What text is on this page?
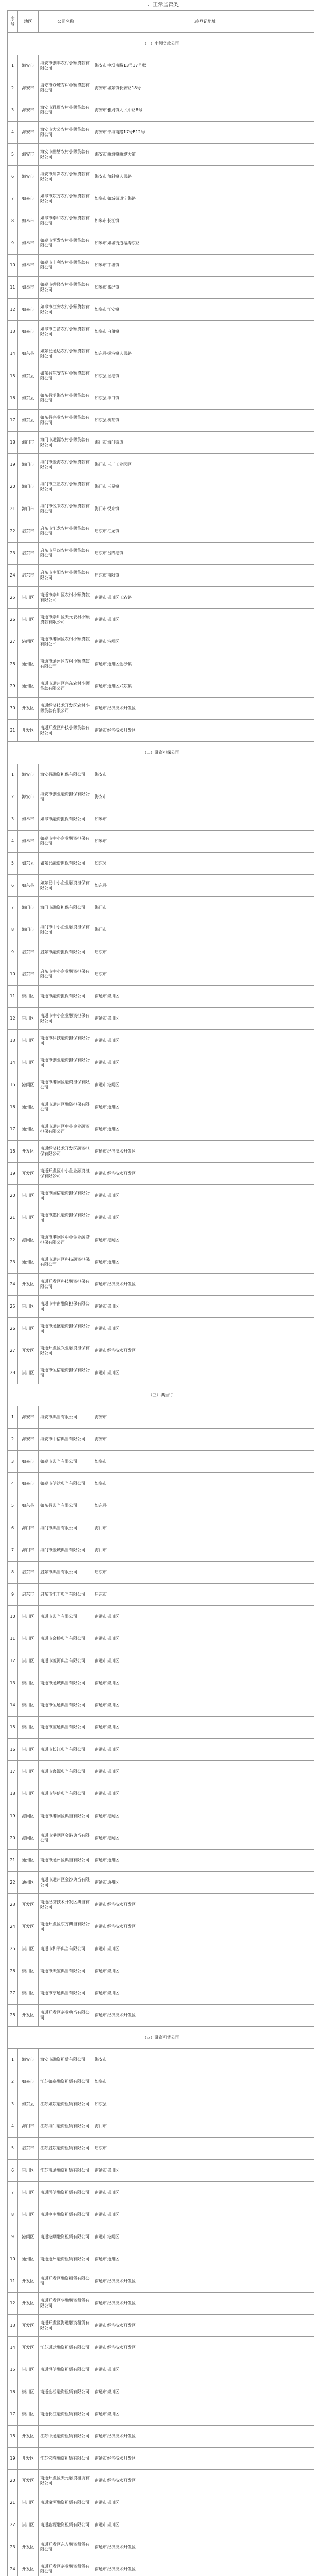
一、正常监管类
序号	地区	公司名称	工商登记地址
（一）小额贷款公司			
1	海安市	海安市创丰农村小额贷款有限公司	海安市中坝南路13号17号楼
2	海安市	海安市众城农村小额贷款有限公司	海安市城东镇长安路18号
3	海安市	海安市雅周农村小额贷款有限公司	海安市雅周镇人民中路8号
4	海安市	海安市大公农村小额贷款有限公司	海安市宁海南路17号B12号
5	海安市	海安市曲塘农村小额贷款有限公司	海安市曲塘镇曲塘大道
6	海安市	海安市角斜农村小额贷款有限公司	海安市角斜镇人民路
7	如皋市	如皋市东方农村小额贷款有限公司	如皋市如城街道宁海路
8	如皋市	如皋市泰和农村小额贷款有限公司	如皋市长江镇
9	如皋市	如皋市恒发农村小额贷款有限公司	如皋市如城街道福寿东路
10	如皋市	如皋市丰利农村小额贷款有限公司	如皋市丁堰镇
11	如皋市	如皋市搬经农村小额贷款有限公司	如皋市搬经镇
12	如皋市	如皋市江安农村小额贷款有限公司	如皋市江安镇
13	如皋市	如皋市白蒲农村小额贷款有限公司	如皋市白蒲镇
14	如东县	如东县通达农村小额贷款有限公司	如东县掘港镇人民路
15	如东县	如东县东安农村小额贷款有限公司	如东县掘港镇
16	如东县	如东县沿海农村小额贷款有限公司	如东县洋口镇
17	如东县	如东县兴业农村小额贷款有限公司	如东县栟茶镇
18	海门市	海门市通源农村小额贷款有限公司	海门市海门街道
19	海门市	海门市金海农村小额贷款有限公司	海门市三厂工业园区
20	海门市	海门市三星农村小额贷款有限公司	海门市三星镇
21	海门市	海门市悦来农村小额贷款有限公司	海门市悦来镇
22	启东市	启东市汇龙农村小额贷款有限公司	启东市汇龙镇
23	启东市	启东市吕四农村小额贷款有限公司	启东市吕四港镇
24	启东市	启东市南阳农村小额贷款有限公司	启东市南阳镇
25	崇川区	南通市崇川区农村小额贷款有限公司	南通市崇川区工农路
26	崇川区	南通市崇川区天元农村小额贷款有限公司	南通市崇川区
27	港闸区	南通市港闸区农村小额贷款有限公司	南通市港闸区
28	通州区	南通市通州区农村小额贷款有限公司	南通市通州区金沙镇
29	通州区	南通市通州区兴东农村小额贷款有限公司	南通市通州区兴东镇
30	开发区	南通经济技术开发区农村小额贷款有限公司	南通市经济技术开发区
31	开发区	南通开发区科技小额贷款有限公司	南通市经济技术开发区
（二）融资担保公司			
1	海安市	海安县融资担保有限公司	海安市
2	海安市	海安市创业融资担保有限公司	海安市
3	如皋市	如皋市融资担保有限公司	如皋市
4	如皋市	如皋市中小企业融资担保有限公司	如皋市
5	如东县	如东县融资担保有限公司	如东县
6	如东县	如东县中小企业融资担保有限公司	如东县
7	海门市	海门市融资担保有限公司	海门市
8	海门市	海门市中小企业融资担保有限公司	海门市
9	启东市	启东市融资担保有限公司	启东市
10	启东市	启东市中小企业融资担保有限公司	启东市
11	崇川区	南通市融资担保有限公司	南通市崇川区
12	崇川区	南通市中小企业融资担保有限公司	南通市崇川区
13	崇川区	南通市科技融资担保有限公司	南通市崇川区
14	崇川区	南通市创业融资担保有限公司	南通市崇川区
15	港闸区	南通市港闸区融资担保有限公司	南通市港闸区
16	通州区	南通市通州区融资担保有限公司	南通市通州区
17	通州区	南通市通州区中小企业融资担保有限公司	南通市通州区
18	开发区	南通经济技术开发区融资担保有限公司	南通市经济技术开发区
19	开发区	南通开发区中小企业融资担保有限公司	南通市经济技术开发区
20	崇川区	南通市国信融资担保有限公司	南通市崇川区
21	崇川区	南通市惠民融资担保有限公司	南通市崇川区
22	港闸区	南通市港闸区中小企业融资担保有限公司	南通市港闸区
23	通州区	南通市通州区科技融资担保有限公司	南通市通州区
24	开发区	南通开发区科技融资担保有限公司	南通市经济技术开发区
25	崇川区	南通市中南融资担保有限公司	南通市崇川区
26	崇川区	南通市通盛融资担保有限公司	南通市崇川区
27	开发区	南通开发区兴业融资担保有限公司	南通市经济技术开发区
28	崇川区	南通市恒信融资担保有限公司	南通市崇川区
（三）典当行			
1	海安市	海安市典当有限公司	海安市
2	海安市	海安市中信典当有限公司	海安市
3	如皋市	如皋市典当有限公司	如皋市
4	如皋市	如皋市信达典当有限公司	如皋市
5	如东县	如东县典当有限公司	如东县
6	海门市	海门市典当有限公司	海门市
7	海门市	海门市金城典当有限公司	海门市
8	启东市	启东市典当有限公司	启东市
9	启东市	启东市汇丰典当有限公司	启东市
10	崇川区	南通市典当有限公司	南通市崇川区
11	崇川区	南通市金桥典当有限公司	南通市崇川区
12	崇川区	南通市濠河典当有限公司	南通市崇川区
13	崇川区	南通市通城典当有限公司	南通市崇川区
14	崇川区	南通市恒通典当有限公司	南通市崇川区
15	崇川区	南通市宝通典当有限公司	南通市崇川区
16	崇川区	南通市长江典当有限公司	南通市崇川区
17	崇川区	南通市鑫源典当有限公司	南通市崇川区
18	崇川区	南通市华信典当有限公司	南通市崇川区
19	港闸区	南通市港闸区典当有限公司	南通市港闸区
20	港闸区	南通市港闸区金港典当有限公司	南通市港闸区
21	通州区	南通市通州区典当有限公司	南通市通州区
22	通州区	南通市通州区金沙典当有限公司	南通市通州区
23	开发区	南通经济技术开发区典当有限公司	南通市经济技术开发区
24	开发区	南通开发区东方典当有限公司	南通市经济技术开发区
25	崇川区	南通市和平典当有限公司	南通市崇川区
26	崇川区	南通市天宝典当有限公司	南通市崇川区
27	崇川区	南通市亨通典当有限公司	南通市崇川区
28	开发区	南通开发区嘉业典当有限公司	南通市经济技术开发区
（四）融资租赁公司			
1	海安市	海安市融资租赁有限公司	海安市
2	如皋市	江苏如皋融资租赁有限公司	如皋市
3	如东县	江苏如东融资租赁有限公司	如东县
4	海门市	江苏海门融资租赁有限公司	海门市
5	启东市	江苏启东融资租赁有限公司	启东市
6	崇川区	江苏南通融资租赁有限公司	南通市崇川区
7	崇川区	南通国信融资租赁有限公司	南通市崇川区
8	崇川区	南通中南融资租赁有限公司	南通市崇川区
9	港闸区	南通港闸融资租赁有限公司	南通市港闸区
10	通州区	南通通州融资租赁有限公司	南通市通州区
11	开发区	南通开发区融资租赁有限公司	南通市经济技术开发区
12	开发区	南通开发区华融融资租赁有限公司	南通市经济技术开发区
13	开发区	南通开发区海通融资租赁有限公司	南通市经济技术开发区
14	开发区	江苏通达融资租赁有限公司	南通市经济技术开发区
15	崇川区	南通恒信融资租赁有限公司	南通市崇川区
16	崇川区	南通金桥融资租赁有限公司	南通市崇川区
17	崇川区	南通长江融资租赁有限公司	南通市崇川区
18	开发区	江苏中通融资租赁有限公司	南通市经济技术开发区
19	开发区	江苏宏图融资租赁有限公司	南通市经济技术开发区
20	开发区	南通开发区天元融资租赁有限公司	南通市经济技术开发区
21	崇川区	南通濠河融资租赁有限公司	南通市崇川区
22	崇川区	南通鑫源融资租赁有限公司	南通市崇川区
23	开发区	南通开发区东方融资租赁有限公司	南通市经济技术开发区
24	开发区	南通开发区嘉业融资租赁有限公司	南通市经济技术开发区
